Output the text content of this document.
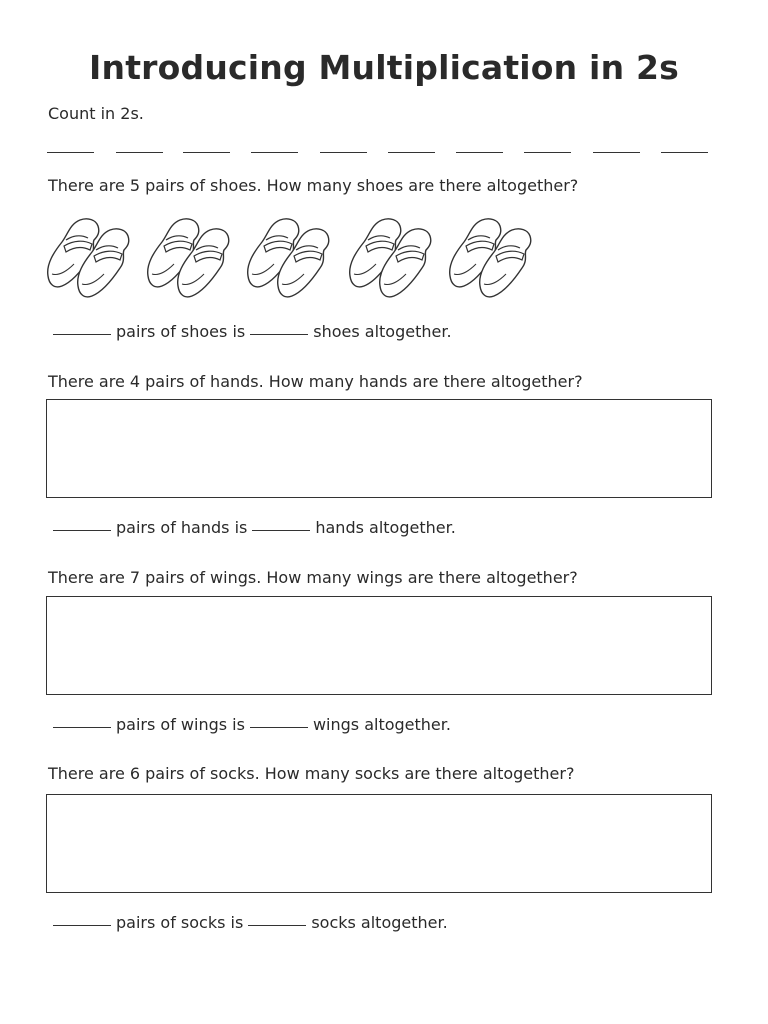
Introducing Multiplication in 2s
Count in 2s.
There are 5 pairs of shoes. How many shoes are there altogether?
pairs of shoes is	shoes altogether.
There are 4 pairs of hands. How many hands are there altogether?
pairs of hands is	hands altogether.
There are 7 pairs of wings. How many wings are there altogether?
pairs of wings is	wings altogether.
There are 6 pairs of socks. How many socks are there altogether?
pairs of socks is	socks altogether.
